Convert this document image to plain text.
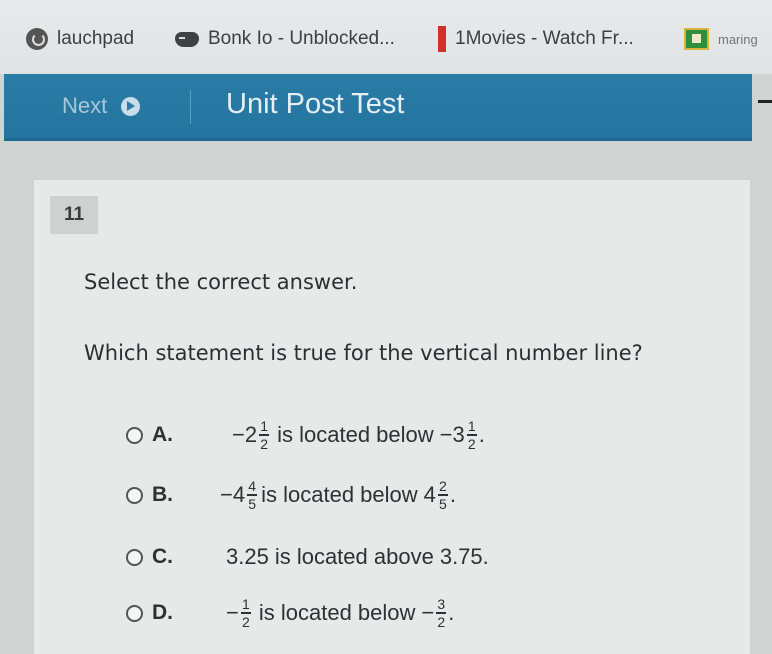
lauchpad	Bonk Io - Unblocked...	1Movies - Watch Fr...	maring
Next	Unit Post Test
11
Select the correct answer.
Which statement is true for the vertical number line?
A.	− $2 \frac{1}{2}$ is located below − $3 \frac{1}{2}$ .
B.	− $4 \frac{4}{5}$ is located below $4 \frac{2}{5}$ .
C.	3.25 is located above 3.75 .
D.	− $\frac{1}{2}$ is located below − $\frac{3}{2}$ .
